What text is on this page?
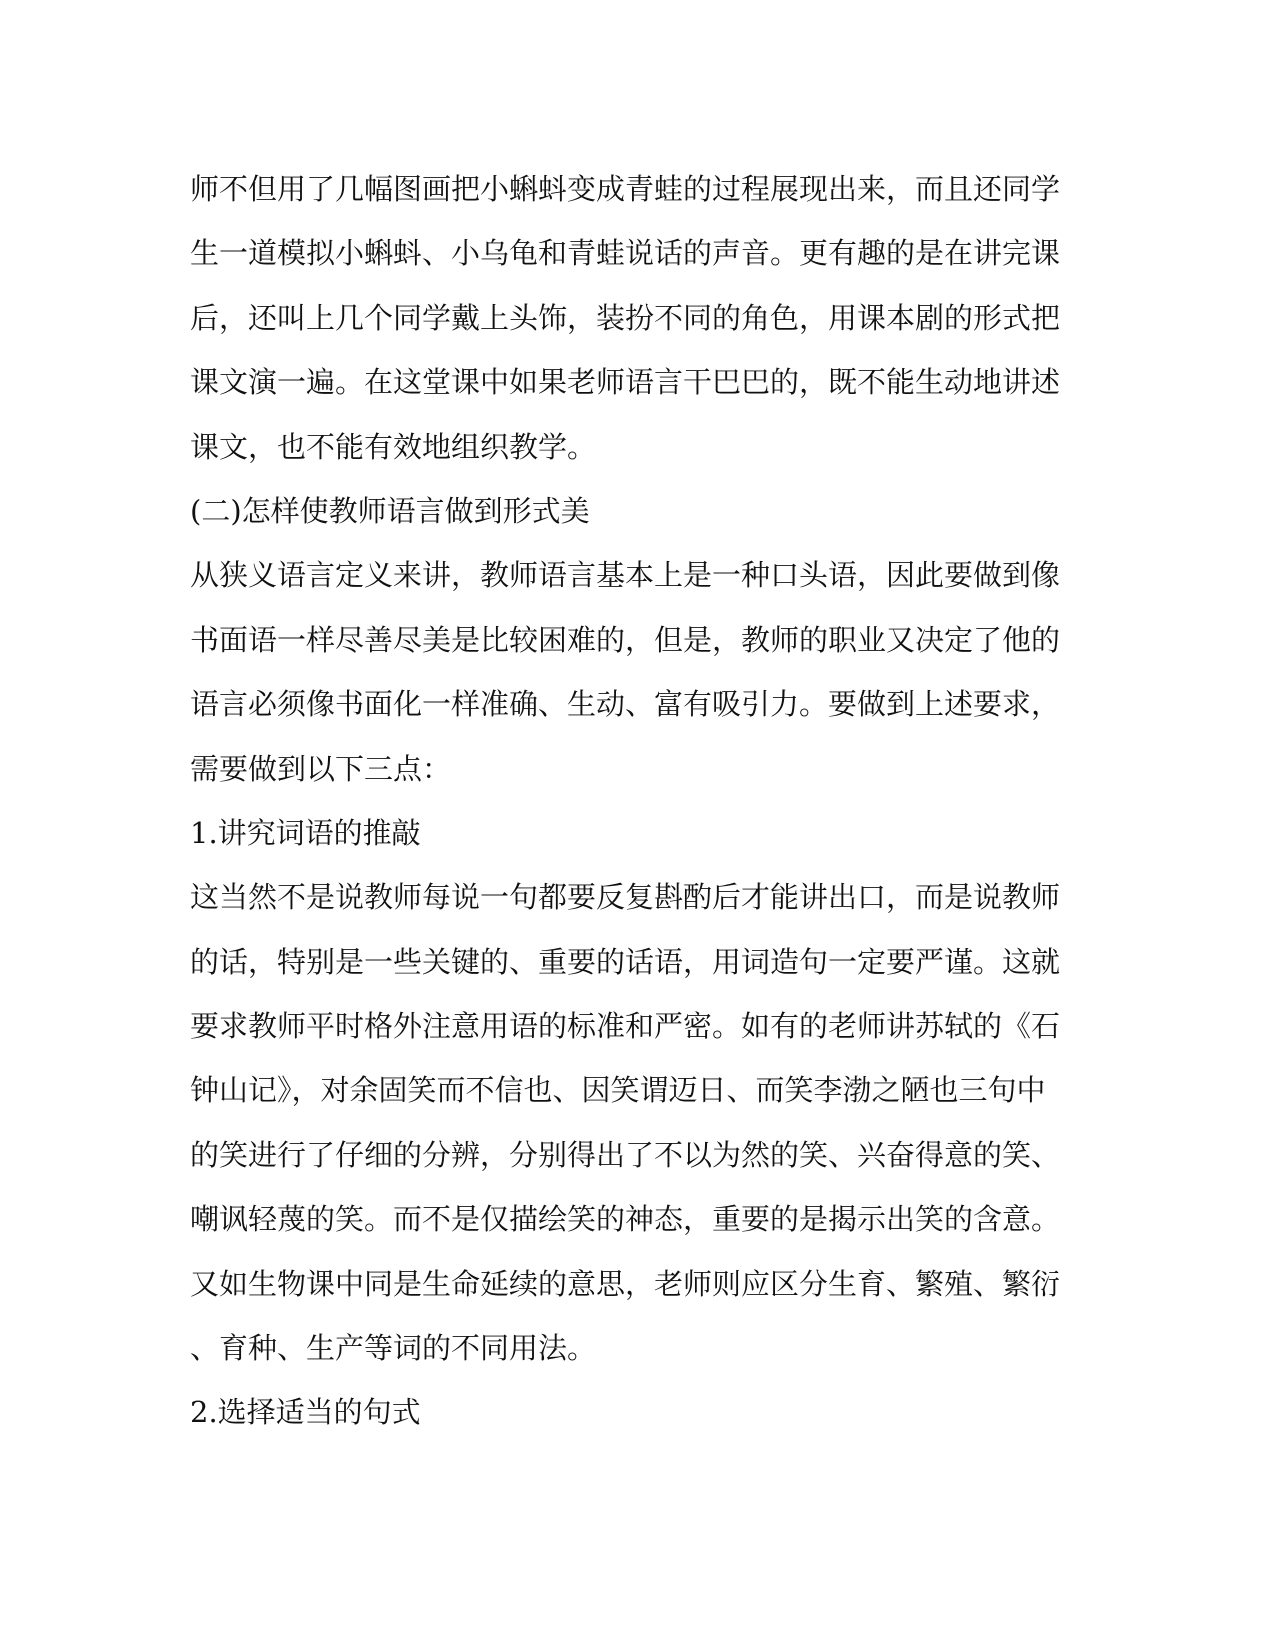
师不但用了几幅图画把小蝌蚪变成青蛙的过程展现出来，而且还同学
生一道模拟小蝌蚪、小乌龟和青蛙说话的声音。更有趣的是在讲完课
后，还叫上几个同学戴上头饰，装扮不同的角色，用课本剧的形式把
课文演一遍。在这堂课中如果老师语言干巴巴的，既不能生动地讲述
课文，也不能有效地组织教学。
(二)怎样使教师语言做到形式美
从狭义语言定义来讲，教师语言基本上是一种口头语，因此要做到像
书面语一样尽善尽美是比较困难的，但是，教师的职业又决定了他的
语言必须像书面化一样准确、生动、富有吸引力。要做到上述要求，
需要做到以下三点：
1.讲究词语的推敲
这当然不是说教师每说一句都要反复斟酌后才能讲出口，而是说教师
的话，特别是一些关键的、重要的话语，用词造句一定要严谨。这就
要求教师平时格外注意用语的标准和严密。如有的老师讲苏轼的《石
钟山记》，对余固笑而不信也、因笑谓迈日、而笑李渤之陋也三句中
的笑进行了仔细的分辨，分别得出了不以为然的笑、兴奋得意的笑、
嘲讽轻蔑的笑。而不是仅描绘笑的神态，重要的是揭示出笑的含意。
又如生物课中同是生命延续的意思，老师则应区分生育、繁殖、繁衍
、育种、生产等词的不同用法。
2.选择适当的句式
